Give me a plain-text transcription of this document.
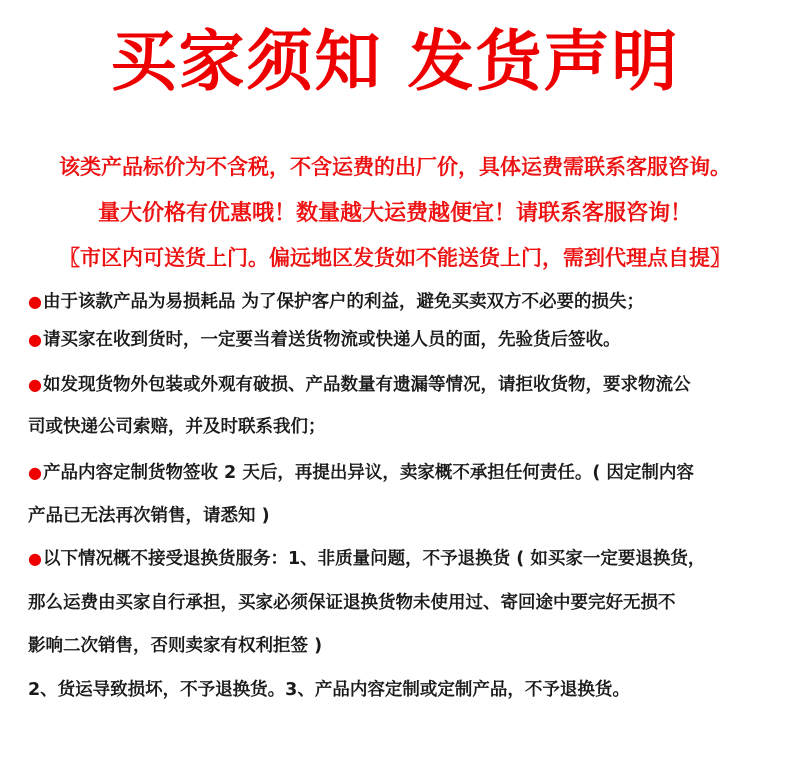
买家须知 发货声明
该类产品标价为不含税，不含运费的出厂价，具体运费需联系客服咨询。
量大价格有优惠哦！数量越大运费越便宜！请联系客服咨询！
〖市区内可送货上门。偏远地区发货如不能送货上门，需到代理点自提〗
●由于该款产品为易损耗品 为了保护客户的利益，避免买卖双方不必要的损失；
●请买家在收到货时，一定要当着送货物流或快递人员的面，先验货后签收。
●如发现货物外包装或外观有破损、产品数量有遗漏等情况，请拒收货物，要求物流公
司或快递公司索赔，并及时联系我们；
●产品内容定制货物签收 2 天后，再提出异议，卖家概不承担任何责任。( 因定制内容
产品已无法再次销售，请悉知 )
●以下情况概不接受退换货服务：1、非质量问题，不予退换货 ( 如买家一定要退换货，
那么运费由买家自行承担，买家必须保证退换货物未使用过、寄回途中要完好无损不
影响二次销售，否则卖家有权利拒签 )
2、货运导致损坏，不予退换货。3、产品内容定制或定制产品，不予退换货。
